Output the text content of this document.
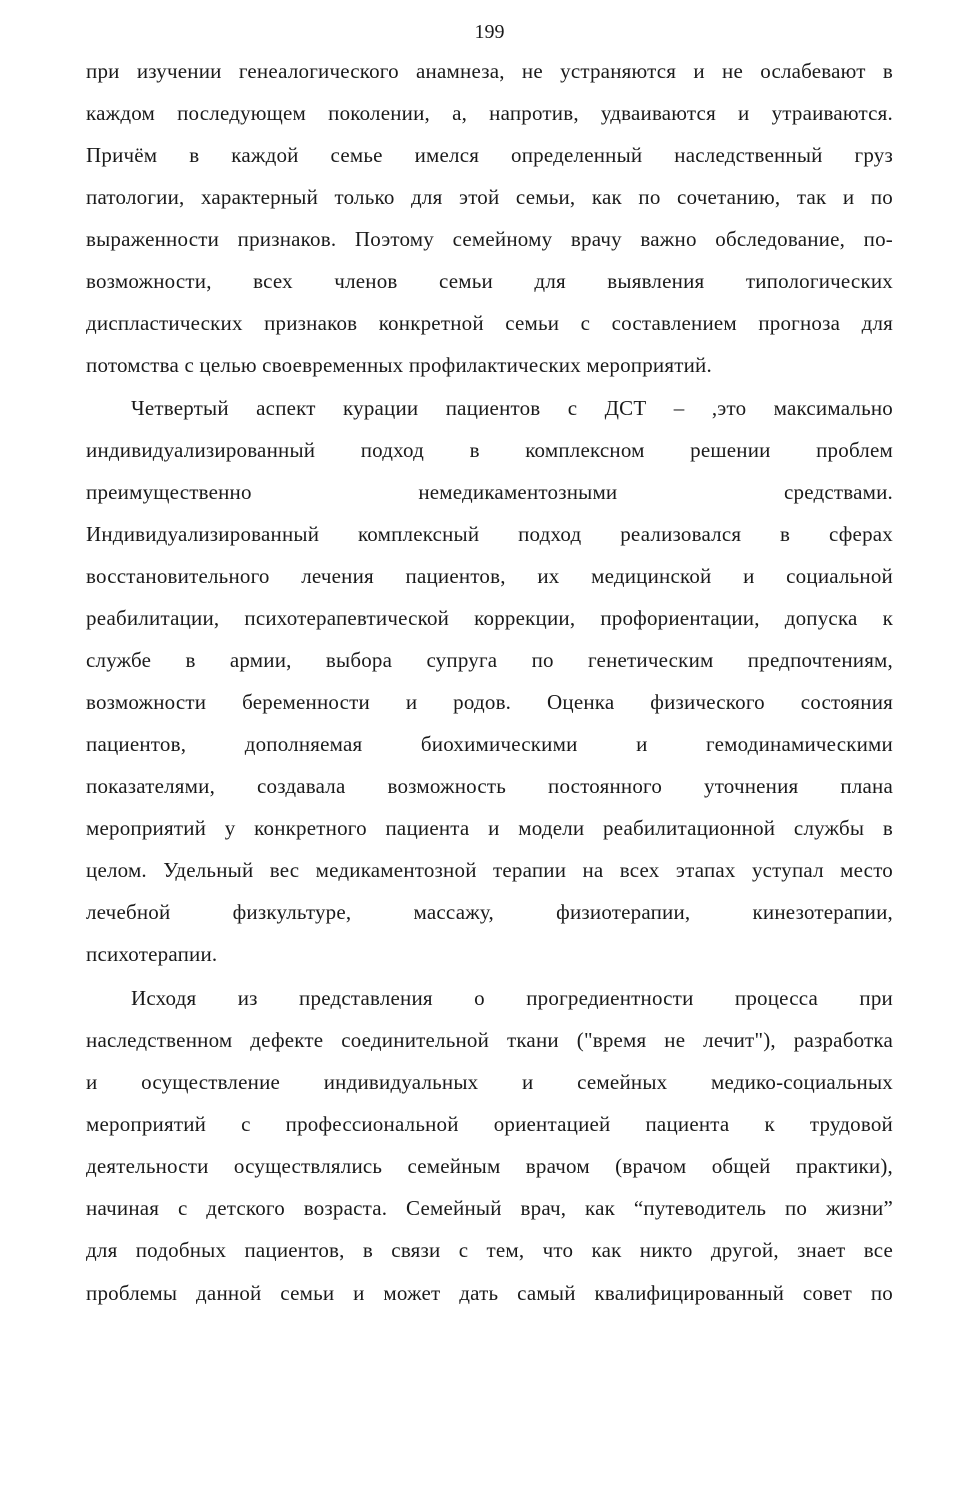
199
при изучении генеалогического анамнеза, не устраняются и не ослабевают в
каждом последующем поколении, а, напротив, удваиваются и утраиваются.
Причём в каждой семье имелся определенный наследственный груз
патологии, характерный только для этой семьи, как по сочетанию, так и по
выраженности признаков. Поэтому семейному врачу важно обследование, по-
возможности, всех членов семьи для выявления типологических
диспластических признаков конкретной семьи с составлением прогноза для
потомства с целью своевременных профилактических мероприятий.
Четвертый аспект курации пациентов с ДСТ – ,это максимально
индивидуализированный подход в комплексном решении проблем
преимущественно немедикаментозными средствами.
Индивидуализированный комплексный подход реализовался в сферах
восстановительного лечения пациентов, их медицинской и социальной
реабилитации, психотерапевтической коррекции, профориентации, допуска к
службе в армии, выбора супруга по генетическим предпочтениям,
возможности беременности и родов. Оценка физического состояния
пациентов, дополняемая биохимическими и гемодинамическими
показателями, создавала возможность постоянного уточнения плана
мероприятий у конкретного пациента и модели реабилитационной службы в
целом. Удельный вес медикаментозной терапии на всех этапах уступал место
лечебной физкультуре, массажу, физиотерапии, кинезотерапии,
психотерапии.
Исходя из представления о прогредиентности процесса при
наследственном дефекте соединительной ткани ("время не лечит"), разработка
и осуществление индивидуальных и семейных медико-социальных
мероприятий с профессиональной ориентацией пациента к трудовой
деятельности осуществлялись семейным врачом (врачом общей практики),
начиная с детского возраста. Семейный врач, как “путеводитель по жизни”
для подобных пациентов, в связи с тем, что как никто другой, знает все
проблемы данной семьи и может дать самый квалифицированный совет по
